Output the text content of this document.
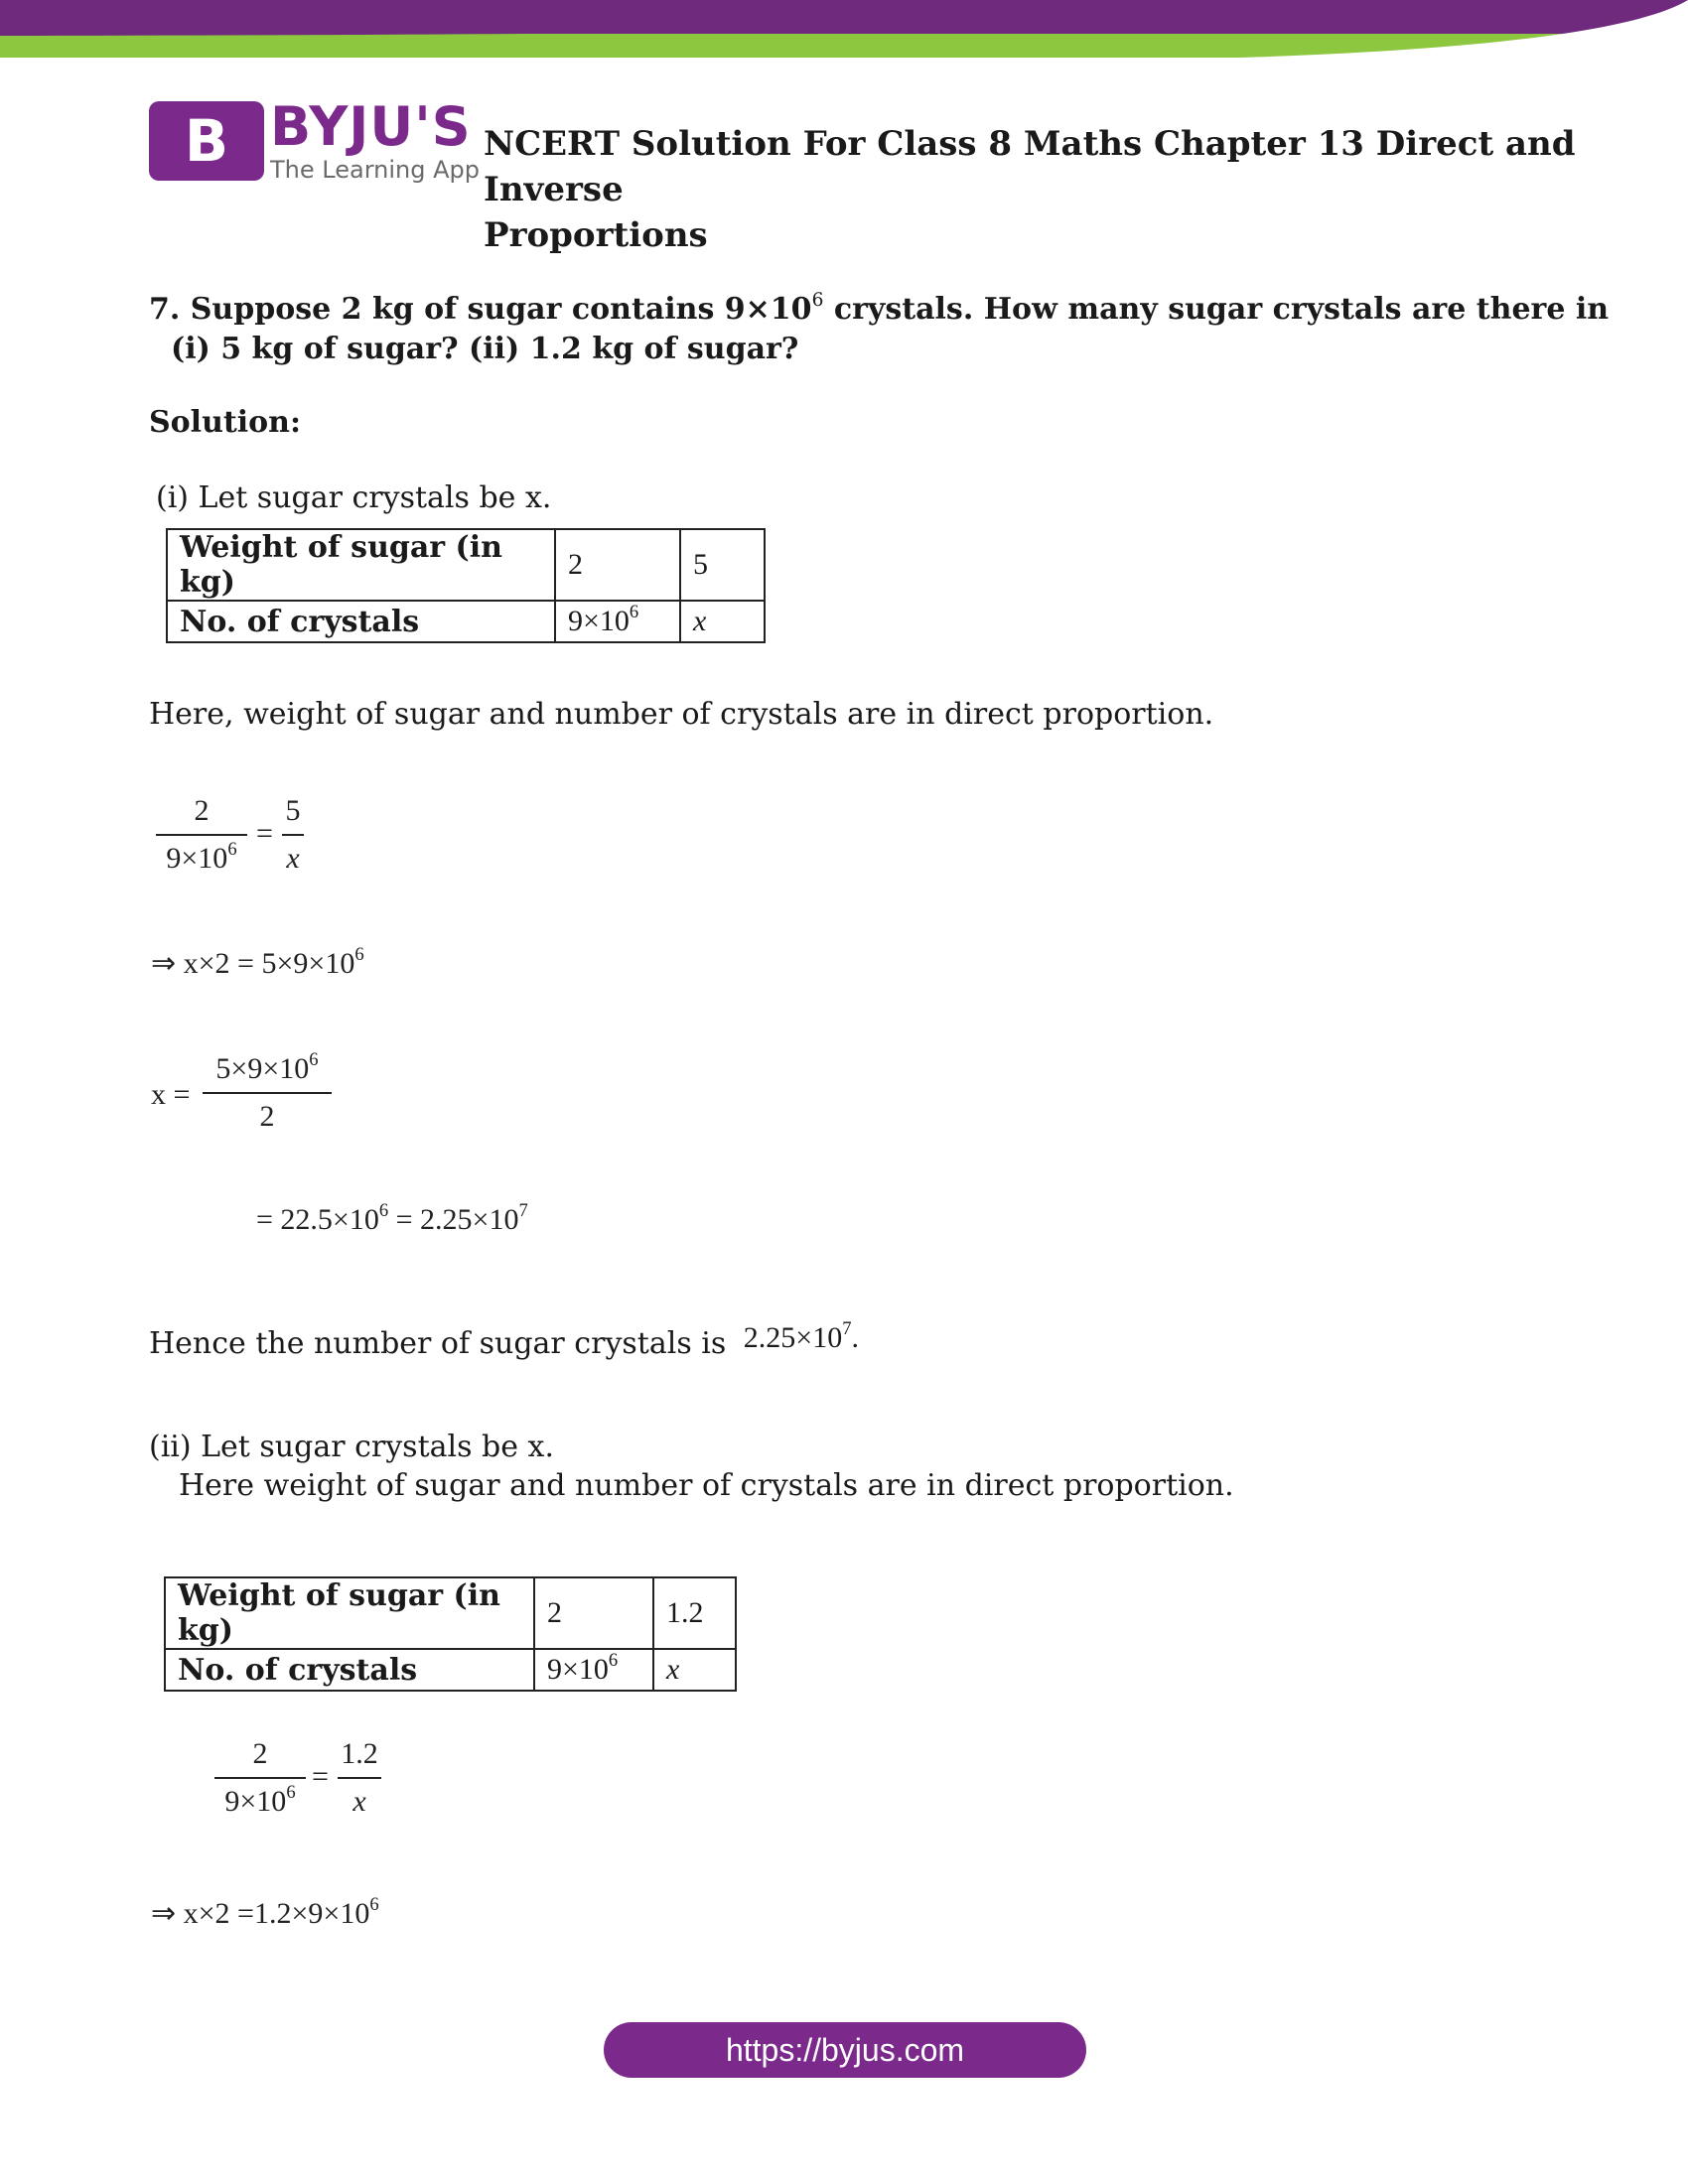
B BYJU'S
The Learning App
NCERT Solution For Class 8 Maths Chapter 13 Direct and Inverse
Proportions
7. Suppose 2 kg of sugar contains $9\times 10^6$ crystals. How many sugar crystals are there in
(i) 5 kg of sugar? (ii) 1.2 kg of sugar?
Solution:
(i) Let sugar crystals be x.
Weight of sugar (in kg)	2	5
No. of crystals	$9\times 10^6$	x
Here, weight of sugar and number of crystals are in direct proportion.
$\frac{2}{9\times 10^6} = \frac{5}{x}$
⇒ $x\times 2 = 5\times 9\times 10^6$
$x = \frac{5\times 9\times 10^6}{2}$
= $22.5\times 10^6 = 2.25\times 10^7$
Hence the number of sugar crystals is $2.25\times 10^7$.
(ii) Let sugar crystals be x.
Here weight of sugar and number of crystals are in direct proportion.
Weight of sugar (in kg)	2	1.2
No. of crystals	$9\times 10^6$	x
$\frac{2}{9\times 10^6} = \frac{1.2}{x}$
⇒ $x\times 2 =1.2\times 9\times 10^6$
https://byjus.com
